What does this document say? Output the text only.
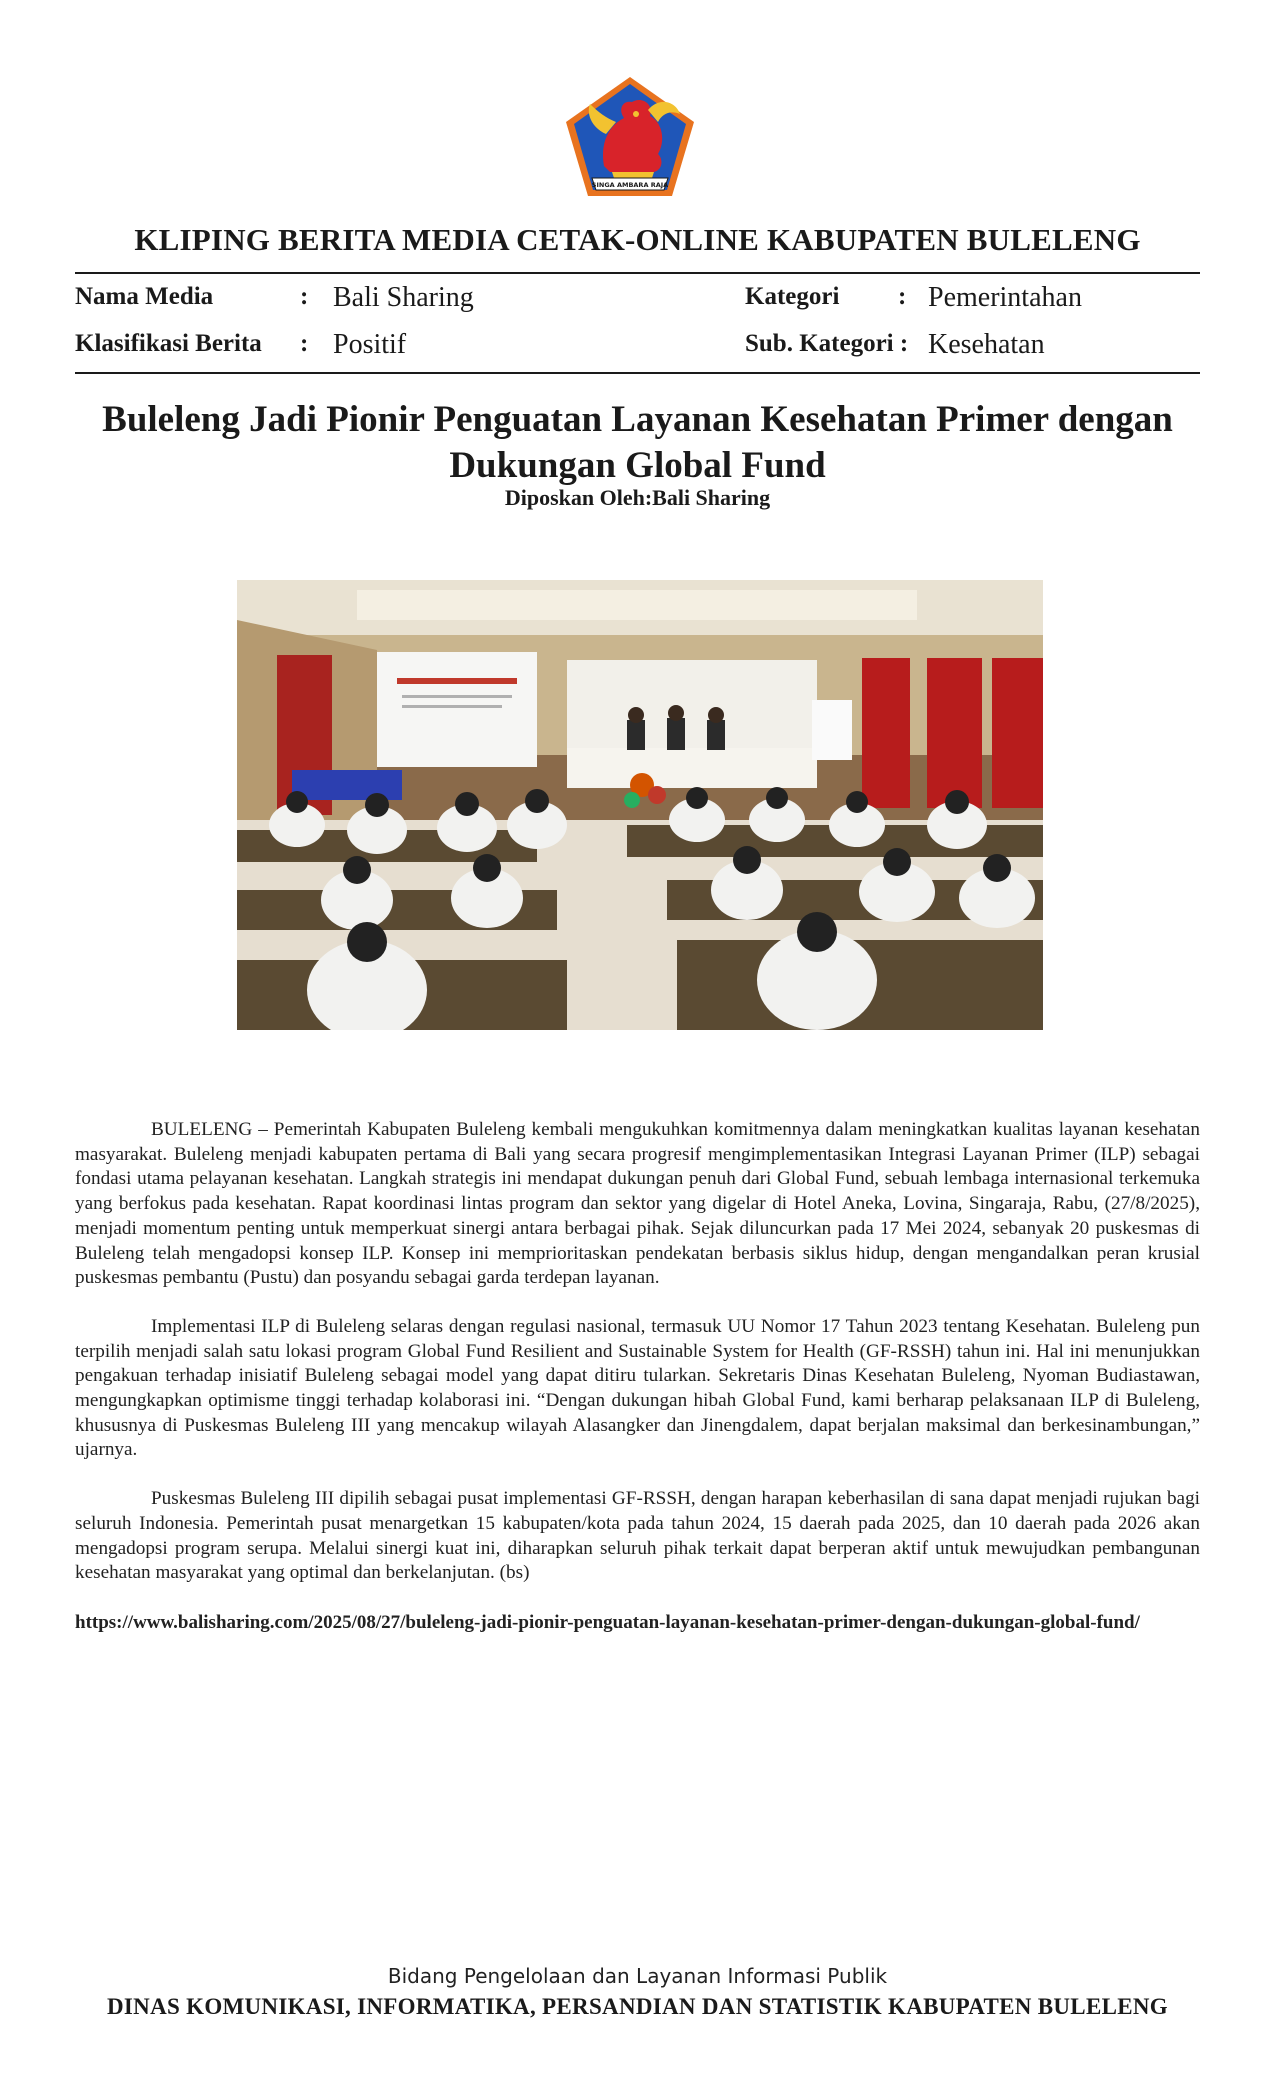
SINGA AMBARA RAJA
KLIPING BERITA MEDIA CETAK-ONLINE KABUPATEN BULELENG
Nama Media	: Bali Sharing
Klasifikasi Berita : Positif
Kategori : Pemerintahan
Sub. Kategori : Kesehatan
Buleleng Jadi Pionir Penguatan Layanan Kesehatan Primer dengan Dukungan Global Fund
Diposkan Oleh:Bali Sharing

BULELENG – Pemerintah Kabupaten Buleleng kembali mengukuhkan komitmennya dalam meningkatkan kualitas layanan kesehatan masyarakat. Buleleng menjadi kabupaten pertama di Bali yang secara progresif mengimplementasikan Integrasi Layanan Primer (ILP) sebagai fondasi utama pelayanan kesehatan. Langkah strategis ini mendapat dukungan penuh dari Global Fund, sebuah lembaga internasional terkemuka yang berfokus pada kesehatan. Rapat koordinasi lintas program dan sektor yang digelar di Hotel Aneka, Lovina, Singaraja, Rabu, (27/8/2025), menjadi momentum penting untuk memperkuat sinergi antara berbagai pihak. Sejak diluncurkan pada 17 Mei 2024, sebanyak 20 puskesmas di Buleleng telah mengadopsi konsep ILP. Konsep ini memprioritaskan pendekatan berbasis siklus hidup, dengan mengandalkan peran krusial puskesmas pembantu (Pustu) dan posyandu sebagai garda terdepan layanan.

Implementasi ILP di Buleleng selaras dengan regulasi nasional, termasuk UU Nomor 17 Tahun 2023 tentang Kesehatan. Buleleng pun terpilih menjadi salah satu lokasi program Global Fund Resilient and Sustainable System for Health (GF-RSSH) tahun ini. Hal ini menunjukkan pengakuan terhadap inisiatif Buleleng sebagai model yang dapat ditiru tularkan. Sekretaris Dinas Kesehatan Buleleng, Nyoman Budiastawan, mengungkapkan optimisme tinggi terhadap kolaborasi ini. “Dengan dukungan hibah Global Fund, kami berharap pelaksanaan ILP di Buleleng, khususnya di Puskesmas Buleleng III yang mencakup wilayah Alasangker dan Jinengdalem, dapat berjalan maksimal dan berkesinambungan,” ujarnya.

Puskesmas Buleleng III dipilih sebagai pusat implementasi GF-RSSH, dengan harapan keberhasilan di sana dapat menjadi rujukan bagi seluruh Indonesia. Pemerintah pusat menargetkan 15 kabupaten/kota pada tahun 2024, 15 daerah pada 2025, dan 10 daerah pada 2026 akan mengadopsi program serupa. Melalui sinergi kuat ini, diharapkan seluruh pihak terkait dapat berperan aktif untuk mewujudkan pembangunan kesehatan masyarakat yang optimal dan berkelanjutan. (bs)

https://www.balisharing.com/2025/08/27/buleleng-jadi-pionir-penguatan-layanan-kesehatan-primer-dengan-dukungan-global-fund/

Bidang Pengelolaan dan Layanan Informasi Publik
DINAS KOMUNIKASI, INFORMATIKA, PERSANDIAN DAN STATISTIK KABUPATEN BULELENG
